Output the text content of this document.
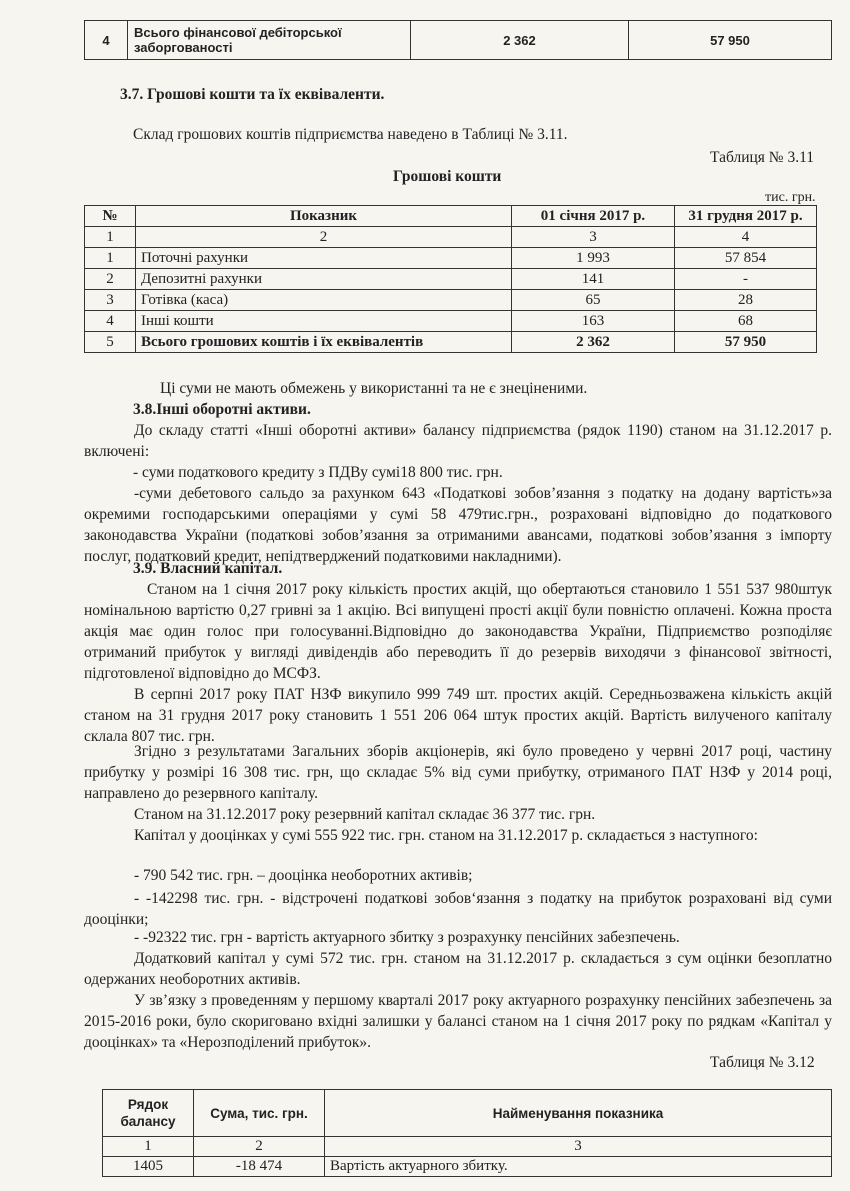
4	Всього фінансової дебіторської заборгованості	2 362	57 950

3.7. Грошові кошти та їх еквіваленти.

Склад грошових коштів підприємства наведено в Таблиці № 3.11.

Таблиця № 3.11

Грошові кошти

тис. грн.

№	Показник	01 січня 2017 р.	31 грудня 2017 р.
1	2	3	4
1	Поточні рахунки	1 993	57 854
2	Депозитні рахунки	141	-
3	Готівка (каса)	65	28
4	Інші кошти	163	68
5	Всього грошових коштів і їх еквівалентів	2 362	57 950

Ці суми не мають обмежень у використанні та не є знеціненими.

3.8.Інші оборотні активи.

До складу статті «Інші оборотні активи» балансу підприємства (рядок 1190) станом на 31.12.2017 р. включені:

- суми податкового кредиту з ПДВу сумі18 800 тис. грн.

-суми дебетового сальдо за рахунком 643 «Податкові зобов’язання з податку на додану вартість»за окремими господарськими операціями у сумі 58 479тис.грн., розраховані відповідно до податкового законодавства України (податкові зобов’язання за отриманими авансами, податкові зобов’язання з імпорту послуг, податковий кредит, непідтверджений податковими накладними).

3.9. Власний капітал.

Станом на 1 січня 2017 року кількість простих акцій, що обертаються становило 1 551 537 980штук номінальною вартістю 0,27 гривні за 1 акцію. Всі випущені прості акції були повністю оплачені. Кожна проста акція має один голос при голосуванні.Відповідно до законодавства України, Підприємство розподіляє отриманий прибуток у вигляді дивідендів або переводить її до резервів виходячи з фінансової звітності, підготовленої відповідно до МСФЗ.

В серпні 2017 року ПАТ НЗФ викупило 999 749 шт. простих акцій. Середньозважена кількість акцій станом на 31 грудня 2017 року становить 1 551 206 064 штук простих акцій. Вартість вилученого капіталу склала 807 тис. грн.

Згідно з результатами Загальних зборів акціонерів, які було проведено у червні 2017 році, частину прибутку у розмірі 16 308 тис. грн, що складає 5% від суми прибутку, отриманого ПАТ НЗФ у 2014 році, направлено до резервного капіталу.

Станом на 31.12.2017 року резервний капітал складає 36 377 тис. грн.

Капітал у дооцінках у сумі 555 922 тис. грн. станом на 31.12.2017 р. складається з наступного:

- 790 542 тис. грн. – дооцінка необоротних активів;

- -142298 тис. грн. - відстрочені податкові зобов‘язання з податку на прибуток розраховані від суми дооцінки;

- -92322 тис. грн - вартість актуарного збитку з розрахунку пенсійних забезпечень.

Додатковий капітал у сумі 572 тис. грн. станом на 31.12.2017 р. складається з сум оцінки безоплатно одержаних необоротних активів.

У зв’язку з проведенням у першому кварталі 2017 року актуарного розрахунку пенсійних забезпечень за 2015-2016 роки, було скориговано вхідні залишки у балансі станом на 1 січня 2017 року по рядкам «Капітал у дооцінках» та «Нерозподілений прибуток».

Таблиця № 3.12

Рядок балансу	Сума, тис. грн.	Найменування показника
1	2	3
1405	-18 474	Вартість актуарного збитку.
